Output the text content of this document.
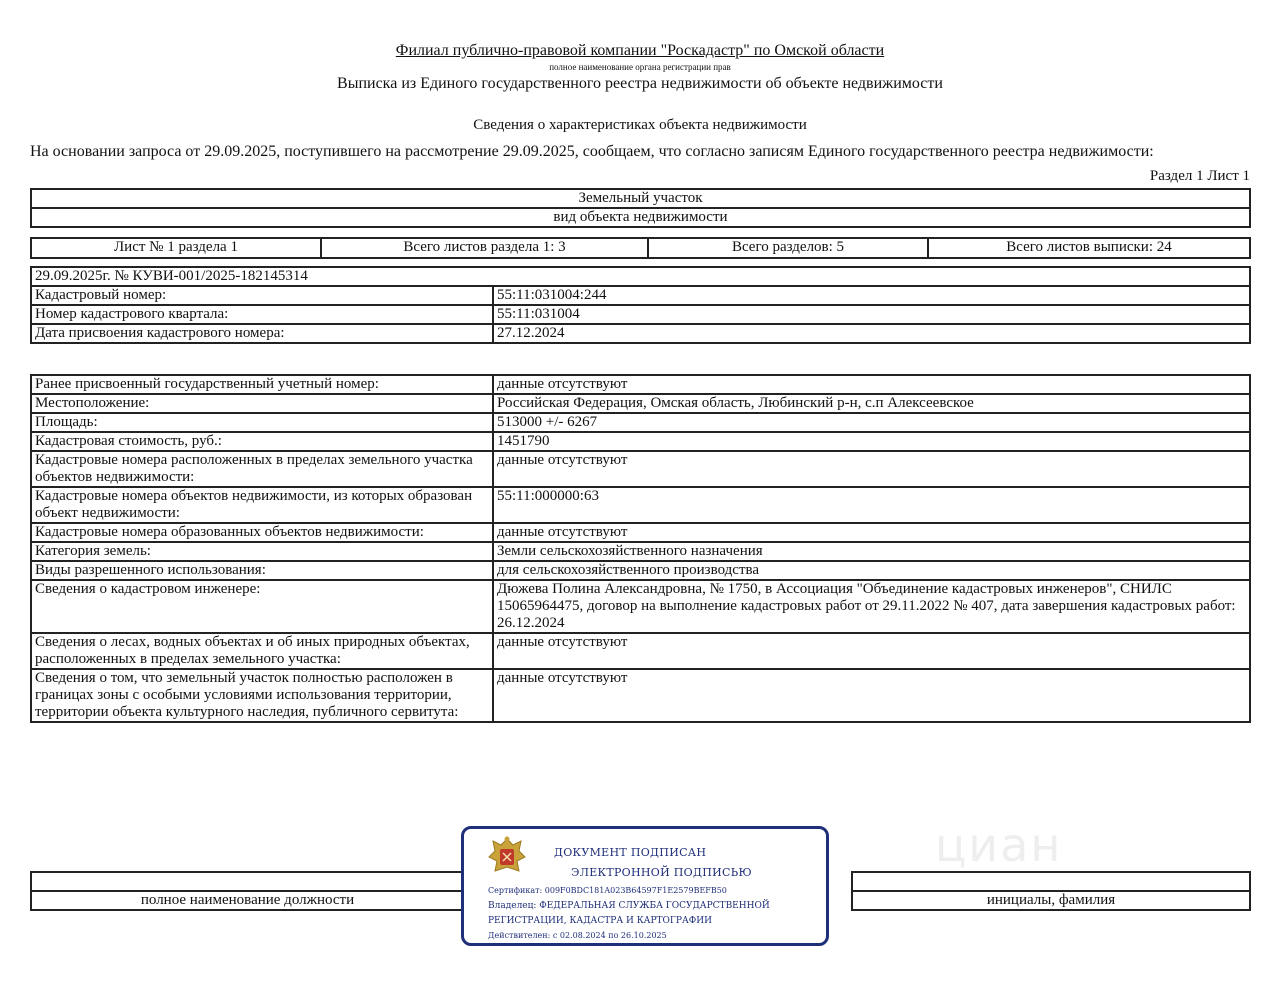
Филиал публично-правовой компании "Роскадастр" по Омской области
полное наименование органа регистрации прав
Выписка из Единого государственного реестра недвижимости об объекте недвижимости
Сведения о характеристиках объекта недвижимости
На основании запроса от 29.09.2025, поступившего на рассмотрение 29.09.2025, сообщаем, что согласно записям Единого государственного реестра недвижимости:
Раздел 1 Лист 1
Земельный участок
вид объекта недвижимости
Лист № 1 раздела 1	Всего листов раздела 1: 3	Всего разделов: 5	Всего листов выписки: 24
29.09.2025г. № КУВИ-001/2025-182145314	
Кадастровый номер:	55:11:031004:244
Номер кадастрового квартала:	55:11:031004
Дата присвоения кадастрового номера:	27.12.2024
Ранее присвоенный государственный учетный номер:	данные отсутствуют
Местоположение:	Российская Федерация, Омская область, Любинский р-н, с.п Алексеевское
Площадь:	513000 +/- 6267
Кадастровая стоимость, руб.:	1451790
Кадастровые номера расположенных в пределах земельного участка объектов недвижимости:	данные отсутствуют
Кадастровые номера объектов недвижимости, из которых образован объект недвижимости:	55:11:000000:63
Кадастровые номера образованных объектов недвижимости:	данные отсутствуют
Категория земель:	Земли сельскохозяйственного назначения
Виды разрешенного использования:	для сельскохозяйственного производства
Сведения о кадастровом инженере:	Дюжева Полина Александровна, № 1750, в Ассоциация "Объединение кадастровых инженеров", СНИЛС 15065964475, договор на выполнение кадастровых работ от 29.11.2022 № 407, дата завершения кадастровых работ: 26.12.2024
Сведения о лесах, водных объектах и об иных природных объектах, расположенных в пределах земельного участка:	данные отсутствуют
Сведения о том, что земельный участок полностью расположен в границах зоны с особыми условиями использования территории, территории объекта культурного наследия, публичного сервитута:	данные отсутствуют
циан

полное наименование должности		инициалы, фамилия
ДОКУМЕНТ ПОДПИСАН
ЭЛЕКТРОННОЙ ПОДПИСЬЮ
Сертификат: 009F0BDC181A023B64597F1E2579BEFB50
Владелец: ФЕДЕРАЛЬНАЯ СЛУЖБА ГОСУДАРСТВЕННОЙ
РЕГИСТРАЦИИ, КАДАСТРА И КАРТОГРАФИИ
Действителен: с 02.08.2024 по 26.10.2025
